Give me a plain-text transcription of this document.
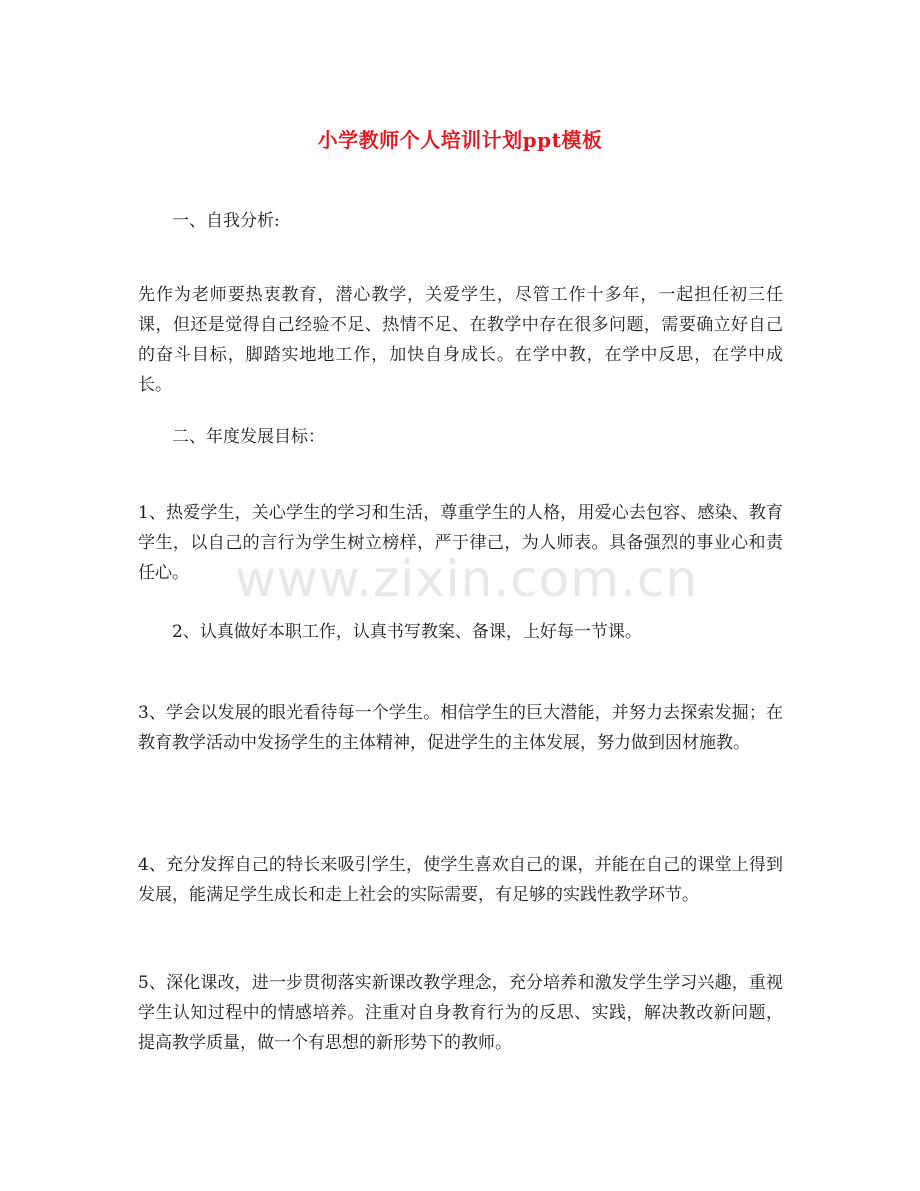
小学教师个人培训计划ppt模板

一、自我分析:

先作为老师要热衷教育，潜心教学，关爱学生，尽管工作十多年，一起担任初三任课，但还是觉得自己经验不足、热情不足、在教学中存在很多问题，需要确立好自己的奋斗目标，脚踏实地地工作，加快自身成长。在学中教，在学中反思，在学中成长。

二、年度发展目标：

1、热爱学生，关心学生的学习和生活，尊重学生的人格，用爱心去包容、感染、教育学生，以自己的言行为学生树立榜样，严于律己，为人师表。具备强烈的事业心和责任心。

2、认真做好本职工作，认真书写教案、备课，上好每一节课。

3、学会以发展的眼光看待每一个学生。相信学生的巨大潜能，并努力去探索发掘；在教育教学活动中发扬学生的主体精神，促进学生的主体发展，努力做到因材施教。

4、充分发挥自己的特长来吸引学生，使学生喜欢自己的课，并能在自己的课堂上得到发展，能满足学生成长和走上社会的实际需要，有足够的实践性教学环节。

5、深化课改，进一步贯彻落实新课改教学理念，充分培养和激发学生学习兴趣，重视学生认知过程中的情感培养。注重对自身教育行为的反思、实践，解决教改新问题，提高教学质量，做一个有思想的新形势下的教师。

www.zixin.com.cn
